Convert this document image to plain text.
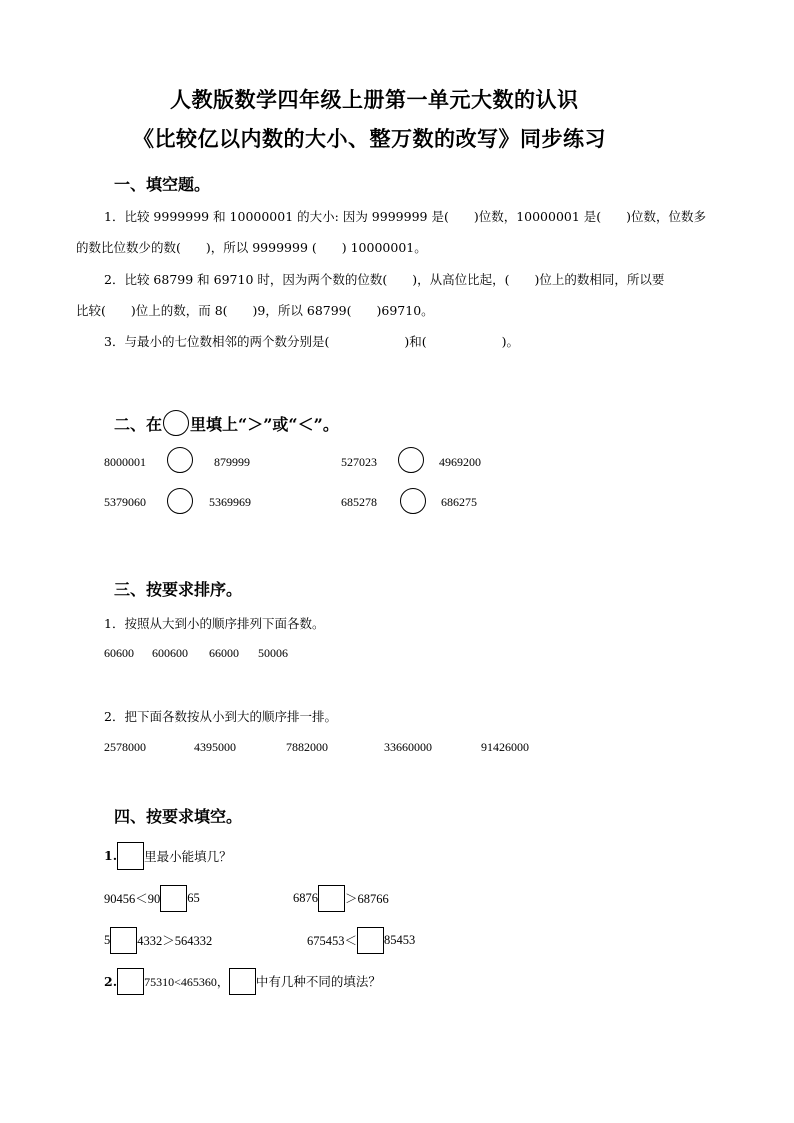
人教版数学四年级上册第一单元大数的认识
《比较亿以内数的大小、整万数的改写》同步练习
一、填空题。
1．比较 9999999 和 10000001 的大小: 因为 9999999 是(　　)位数，10000001 是(　　)位数，位数多
的数比位数少的数(　　)，所以 9999999 (　　) 10000001。
2．比较 68799 和 69710 时，因为两个数的位数(　　)，从高位比起，(　　)位上的数相同，所以要
比较(　　)位上的数，而 8(　　)9，所以 68799(　　)69710。
3．与最小的七位数相邻的两个数分别是(　　　　　　)和(　　　　　　)。
二、在 里填上“＞”或“＜”。
8000001	879999	527023	4969200
5379060	5369969	685278	686275
三、按要求排序。
1．按照从大到小的顺序排列下面各数。
60600 600600 66000 50006
2．把下面各数按从小到大的顺序排一排。
2578000	4395000	7882000	33660000	91426000
四、按要求填空。
1. 里最小能填几？
90456＜90 65	6876 ＞68766
5 4332＞564332	675453＜ 85453
2. 75310<465360， 中有几种不同的填法？
